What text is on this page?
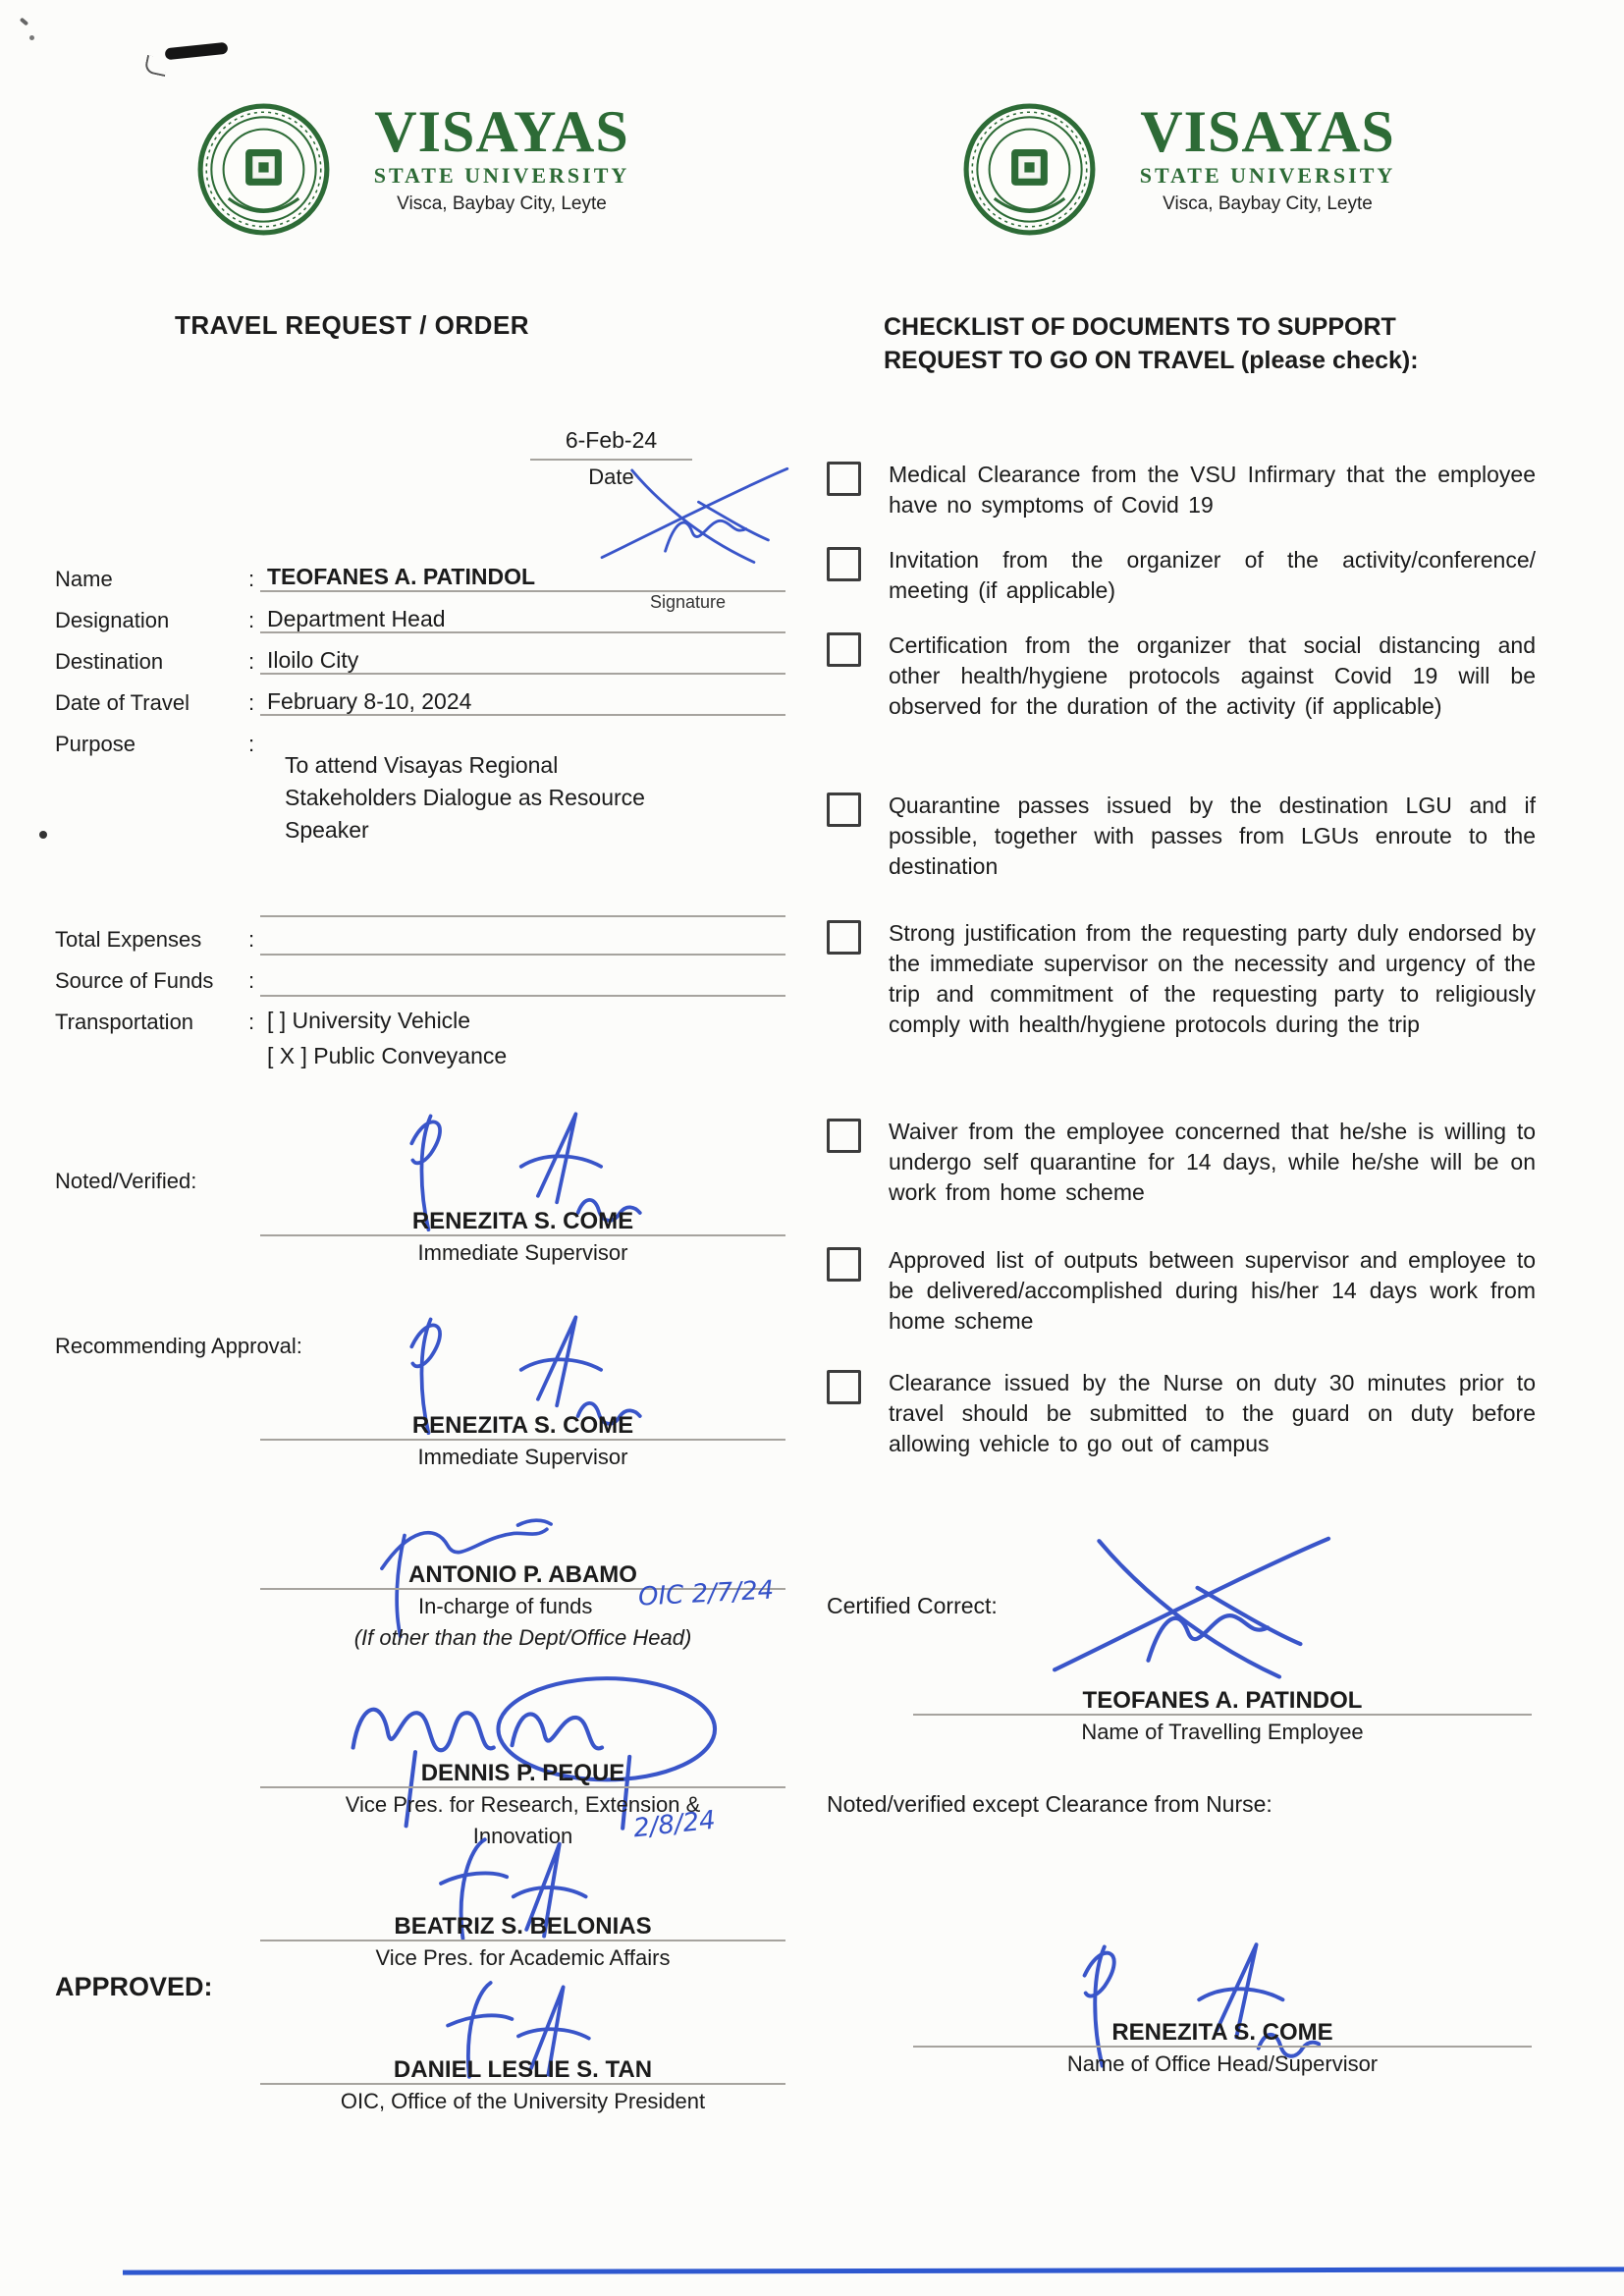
VISAYAS
STATE UNIVERSITY
Visca, Baybay City, Leyte
VISAYAS
STATE UNIVERSITY
Visca, Baybay City, Leyte
TRAVEL REQUEST / ORDER	CHECKLIST OF DOCUMENTS TO SUPPORT
REQUEST TO GO ON TRAVEL (please check):
6-Feb-24
Date
Name	: TEOFANES A. PATINDOL
Signature
Designation	: Department Head
Destination	: Iloilo City
Date of Travel	: February 8-10, 2024
Purpose	:
To attend Visayas Regional
Stakeholders Dialogue as Resource
Speaker
Total Expenses :
Source of Funds :
Transportation	: [ ] University Vehicle
[ X ] Public Conveyance
Noted/Verified:
RENEZITA S. COME
Immediate Supervisor
Recommending Approval:
RENEZITA S. COME
Immediate Supervisor
ANTONIO P. ABAMO
In-charge of funds OIC 2/7/24
(If other than the Dept/Office Head)
Certified Correct:
TEOFANES A. PATINDOL
Name of Travelling Employee
DENNIS P. PEQUE
Vice Pres. for Research, Extension &
Innovation	2/8/24
Noted/verified except Clearance from Nurse:
BEATRIZ S. BELONIAS
Vice Pres. for Academic Affairs
APPROVED:
DANIEL LESLIE S. TAN
OIC, Office of the University President
RENEZITA S. COME
Name of Office Head/Supervisor

Medical Clearance from the VSU Infirmary that the employee have no symptoms of Covid 19

Invitation from the organizer of the activity/conference/ meeting (if applicable)

Certification from the organizer that social distancing and other health/hygiene protocols against Covid 19 will be observed for the duration of the activity (if applicable)

Quarantine passes issued by the destination LGU and if possible, together with passes from LGUs enroute to the destination

Strong justification from the requesting party duly endorsed by the immediate supervisor on the necessity and urgency of the trip and commitment of the requesting party to religiously comply with health/hygiene protocols during the trip

Waiver from the employee concerned that he/she is willing to undergo self quarantine for 14 days, while he/she will be on work from home scheme

Approved list of outputs between supervisor and employee to be delivered/accomplished during his/her 14 days work from home scheme

Clearance issued by the Nurse on duty 30 minutes prior to travel should be submitted to the guard on duty before allowing vehicle to go out of campus
